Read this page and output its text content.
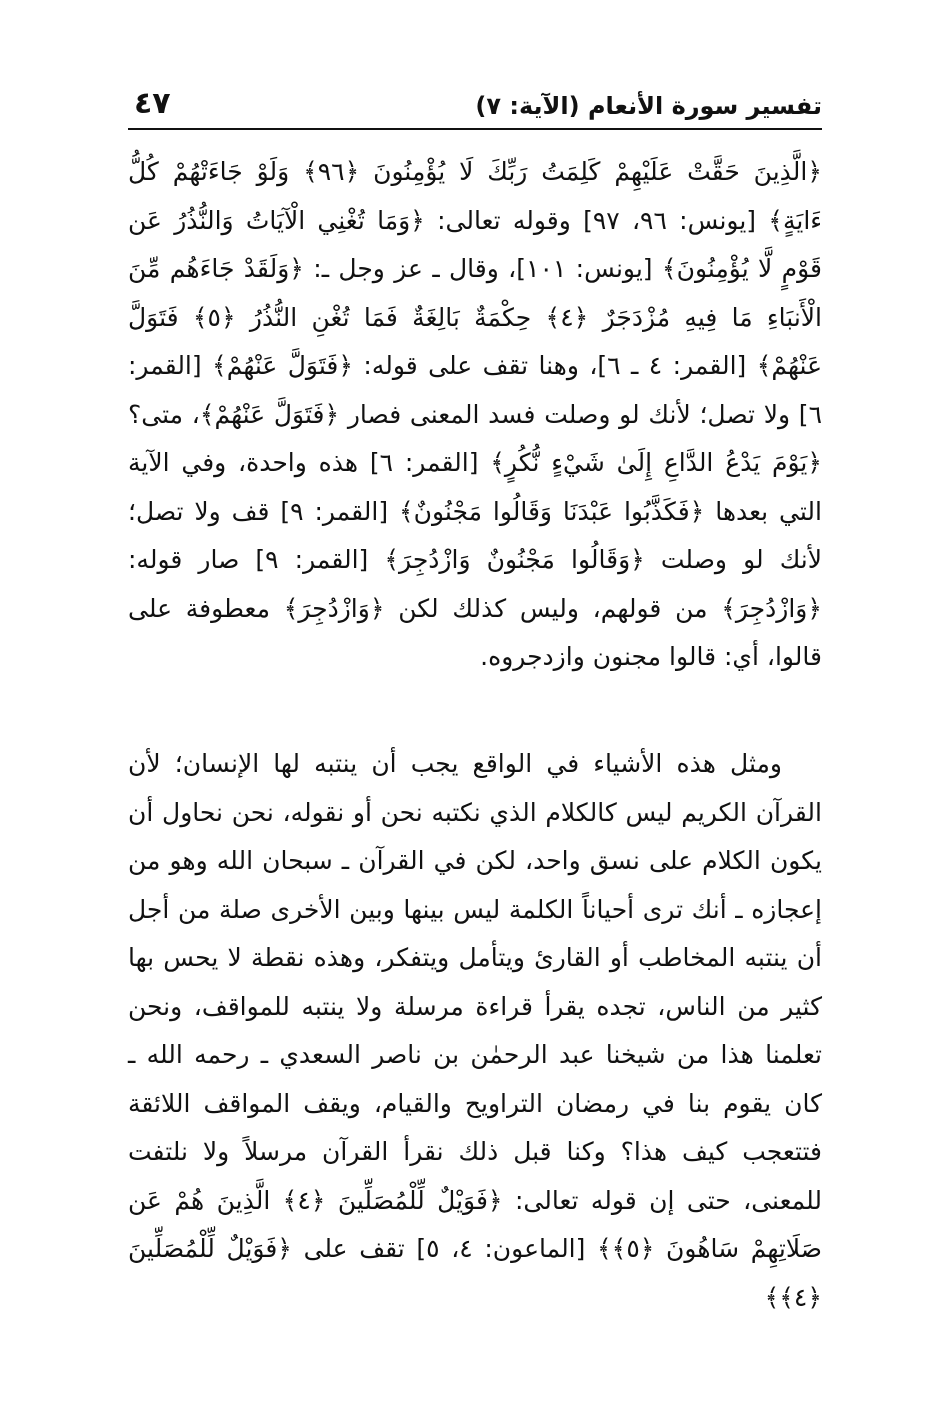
تفسير سورة الأنعام (الآية: ٧)
٤٧

﴿الَّذِينَ حَقَّتْ عَلَيْهِمْ كَلِمَتُ رَبِّكَ لَا يُؤْمِنُونَ ﴿٩٦﴾ وَلَوْ جَاءَتْهُمْ كُلُّ ءَايَةٍ﴾ [يونس: ٩٦، ٩٧] وقوله تعالى: ﴿وَمَا تُغْنِي الْآيَاتُ وَالنُّذُرُ عَن قَوْمٍ لَّا يُؤْمِنُونَ﴾ [يونس: ١٠١]، وقال ـ عز وجل ـ: ﴿وَلَقَدْ جَاءَهُم مِّنَ الْأَنبَاءِ مَا فِيهِ مُزْدَجَرٌ ﴿٤﴾ حِكْمَةٌ بَالِغَةٌ فَمَا تُغْنِ النُّذُرُ ﴿٥﴾ فَتَوَلَّ عَنْهُمْ﴾ [القمر: ٤ ـ ٦]، وهنا تقف على قوله: ﴿فَتَوَلَّ عَنْهُمْ﴾ [القمر: ٦] ولا تصل؛ لأنك لو وصلت فسد المعنى فصار ﴿فَتَوَلَّ عَنْهُمْ﴾، متى؟ ﴿يَوْمَ يَدْعُ الدَّاعِ إِلَىٰ شَيْءٍ نُّكُرٍ﴾ [القمر: ٦] هذه واحدة، وفي الآية التي بعدها ﴿فَكَذَّبُوا عَبْدَنَا وَقَالُوا مَجْنُونٌ﴾ [القمر: ٩] قف ولا تصل؛ لأنك لو وصلت ﴿وَقَالُوا مَجْنُونٌ وَازْدُجِرَ﴾ [القمر: ٩] صار قوله: ﴿وَازْدُجِرَ﴾ من قولهم، وليس كذلك لكن ﴿وَازْدُجِرَ﴾ معطوفة على قالوا، أي: قالوا مجنون وازدجروه.

ومثل هذه الأشياء في الواقع يجب أن ينتبه لها الإنسان؛ لأن القرآن الكريم ليس كالكلام الذي نكتبه نحن أو نقوله، نحن نحاول أن يكون الكلام على نسق واحد، لكن في القرآن ـ سبحان الله وهو من إعجازه ـ أنك ترى أحياناً الكلمة ليس بينها وبين الأخرى صلة من أجل أن ينتبه المخاطب أو القارئ ويتأمل ويتفكر، وهذه نقطة لا يحس بها كثير من الناس، تجده يقرأ قراءة مرسلة ولا ينتبه للمواقف، ونحن تعلمنا هذا من شيخنا عبد الرحمٰن بن ناصر السعدي ـ رحمه الله ـ كان يقوم بنا في رمضان التراويح والقيام، ويقف المواقف اللائقة فتتعجب كيف هذا؟ وكنا قبل ذلك نقرأ القرآن مرسلاً ولا نلتفت للمعنى، حتى إن قوله تعالى: ﴿فَوَيْلٌ لِّلْمُصَلِّينَ ﴿٤﴾ الَّذِينَ هُمْ عَن صَلَاتِهِمْ سَاهُونَ ﴿٥﴾﴾ [الماعون: ٤، ٥] تقف على ﴿فَوَيْلٌ لِّلْمُصَلِّينَ ﴿٤﴾﴾
